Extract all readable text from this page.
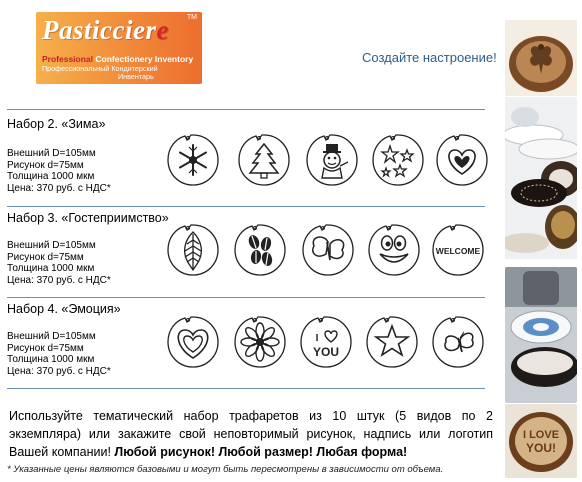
Pasticciere	TM
Professional Confectionery Inventory
Профессиональный Кондитерский
Инвентарь
Создайте настроение!
I LOVE
YOU!
Набор 2. «Зима»
Внешний D=105мм
Рисунок d=75мм
Толщина 1000 мкм
Цена: 370 руб. с НДС*
Набор 3. «Гостеприимство»
Внешний D=105мм
Рисунок d=75мм
Толщина 1000 мкм
Цена: 370 руб. с НДС*
Набор 4. «Эмоция»
Внешний D=105мм
Рисунок d=75мм
Толщина 1000 мкм
Цена: 370 руб. с НДС*
WELCOME
I
YOU
Используйте тематический набор трафаретов из 10 штук (5 видов по 2 экземпляра) или закажите свой неповторимый рисунок, надпись или логотип Вашей компании! Любой рисунок! Любой размер! Любая форма!
* Указанные цены являются базовыми и могут быть пересмотрены в зависимости от объема.
